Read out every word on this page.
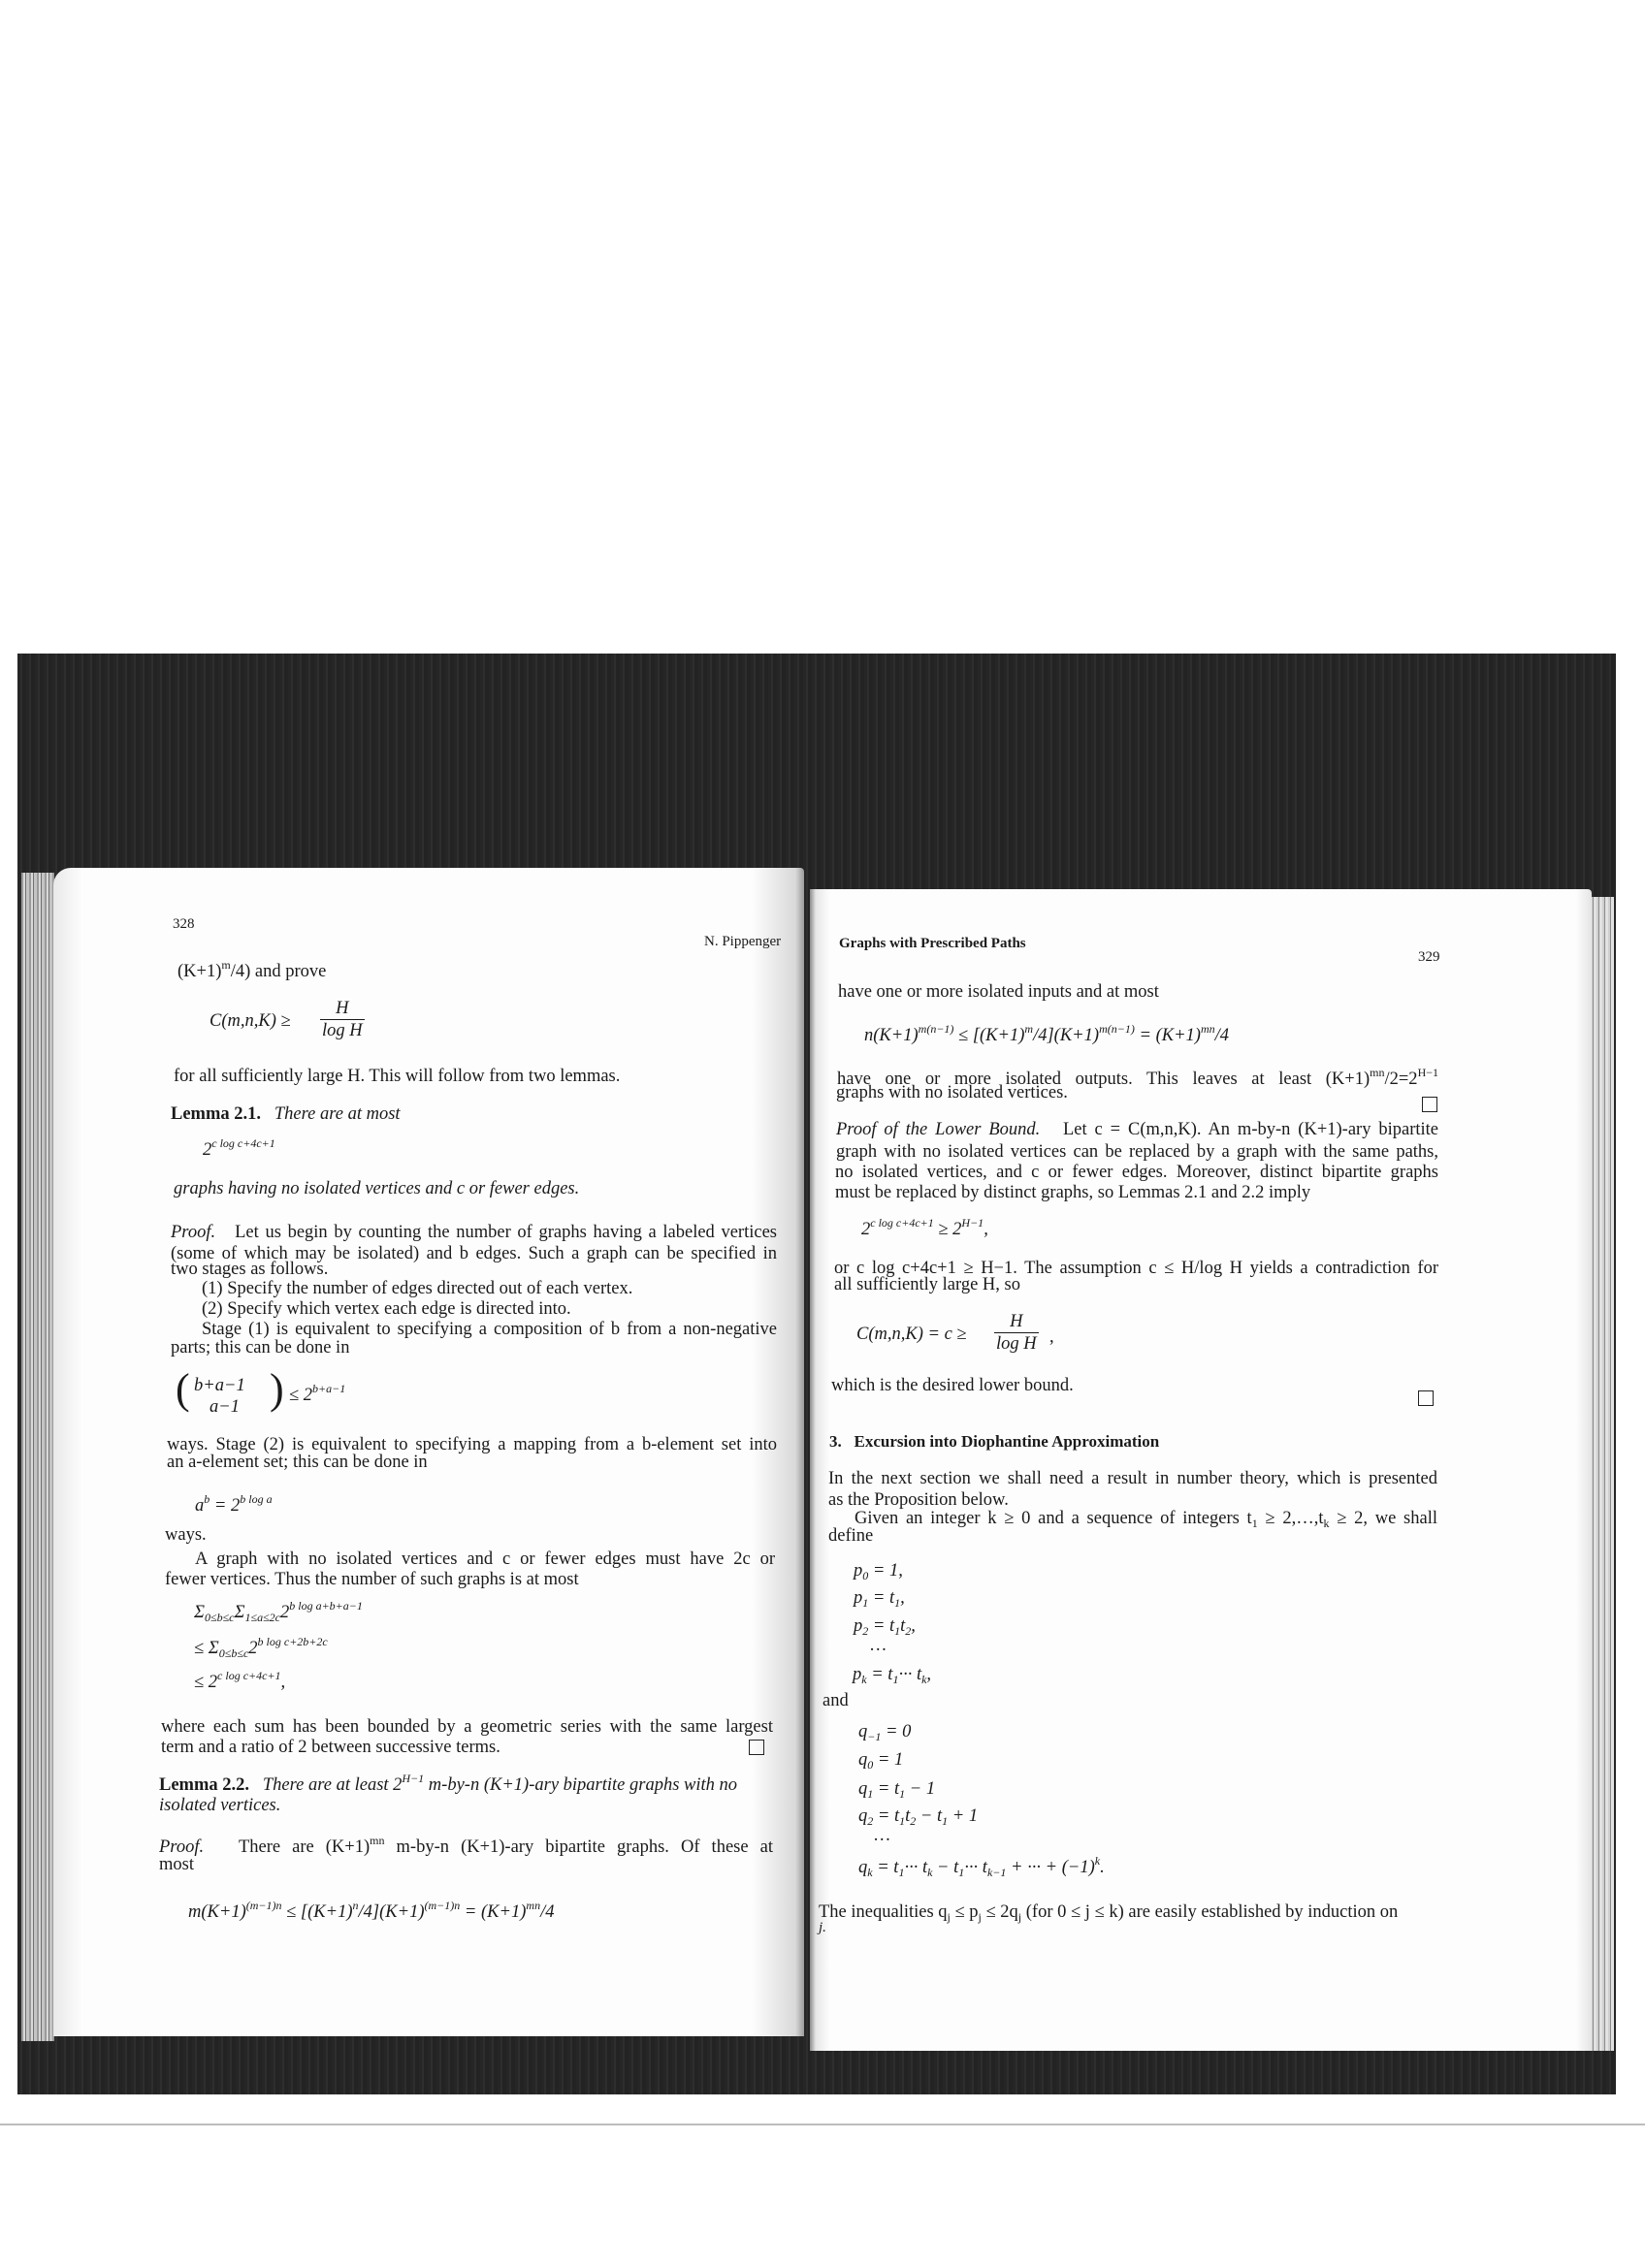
328
N. Pippenger
$(K+1)^m/4$) and prove
$C(m,n,K) \ge \frac{H}{\text{log H}}$
for all sufficiently large H. This will follow from two lemmas.
Lemma 2.1. There are at most
$2^{c log c+4c+1}$
graphs having no isolated vertices and c or fewer edges.
Proof. Let us begin by counting the number of graphs having a labeled vertices
(some of which may be isolated) and b edges. Such a graph can be specified in
two stages as follows.
(1) Specify the number of edges directed out of each vertex.
(2) Specify which vertex each edge is directed into.
Stage (1) is equivalent to specifying a composition of b from a non-negative
parts; this can be done in
( b+a−1
a−1 ) ≤ $2^{b+a-1}$
ways. Stage (2) is equivalent to specifying a mapping from a b-element set into
an a-element set; this can be done in
$a^b = 2^{b log a}$
ways.
A graph with no isolated vertices and c or fewer edges must have 2c or
fewer vertices. Thus the number of such graphs is at most
$\Sigma_{0\le b\le c}\Sigma_{1\le a\le 2c}2^{b log a+b+a-1}$
≤ $\Sigma_{0\le b\le c}2^{b log c+2b+2c}$
≤ $2^{c log c+4c+1}$,
where each sum has been bounded by a geometric series with the same largest
term and a ratio of 2 between successive terms.
Lemma 2.2. There are at least $2^{H-1}$ m-by-n (K+1)-ary bipartite graphs with no
isolated vertices.
Proof. There are $(K+1)^{mn}$ m-by-n (K+1)-ary bipartite graphs. Of these at
most
$m(K+1)^{(m-1)n} \le [(K+1)^n/4](K+1)^{(m-1)n} = (K+1)^{mn}/4$
Graphs with Prescribed Paths
329
have one or more isolated inputs and at most
$n(K+1)^{m(n-1)} \le [(K+1)^m/4](K+1)^{m(n-1)} = (K+1)^{mn}/4$
have one or more isolated outputs. This leaves at least $(K+1)^{mn}/2=2^{H-1}$
graphs with no isolated vertices.
Proof of the Lower Bound. Let c = C(m,n,K). An m-by-n (K+1)-ary bipartite
graph with no isolated vertices can be replaced by a graph with the same paths,
no isolated vertices, and c or fewer edges. Moreover, distinct bipartite graphs
must be replaced by distinct graphs, so Lemmas 2.1 and 2.2 imply
$2^{c log c+4c+1} \ge 2^{H-1}$,
or c log c+4c+1 ≥ H−1. The assumption c ≤ H/log H yields a contradiction for
all sufficiently large H, so
$C(m,n,K) = c \ge \frac{H}{\text{log H}}$ ,
which is the desired lower bound.
3. Excursion into Diophantine Approximation
In the next section we shall need a result in number theory, which is presented
as the Proposition below.
Given an integer k ≥ 0 and a sequence of integers $t_1$ ≥ $2,\dots,t_k \ge 2$, we shall
define
$p_0 = 1$,
$p_1 = t_1$,
$p_2 = t_1t_2$,
…
$p_k = t_1\cdot\cdot\cdot t_k$,
and
$q_{-1} = 0$
$q_0 = 1$
$q_1 = t_1 - 1$
$q_2 = t_1t_2 - t_1 + 1$
…
$q_k = t_1\cdot\cdot\cdot t_k - t_1\cdot\cdot\cdot t_{k-1}$ + ··· + $(-1)^k$.
The inequalities $q_j \le p_j \le 2q_j$ (for 0 ≤ j ≤ k) are easily established by induction on
j.
